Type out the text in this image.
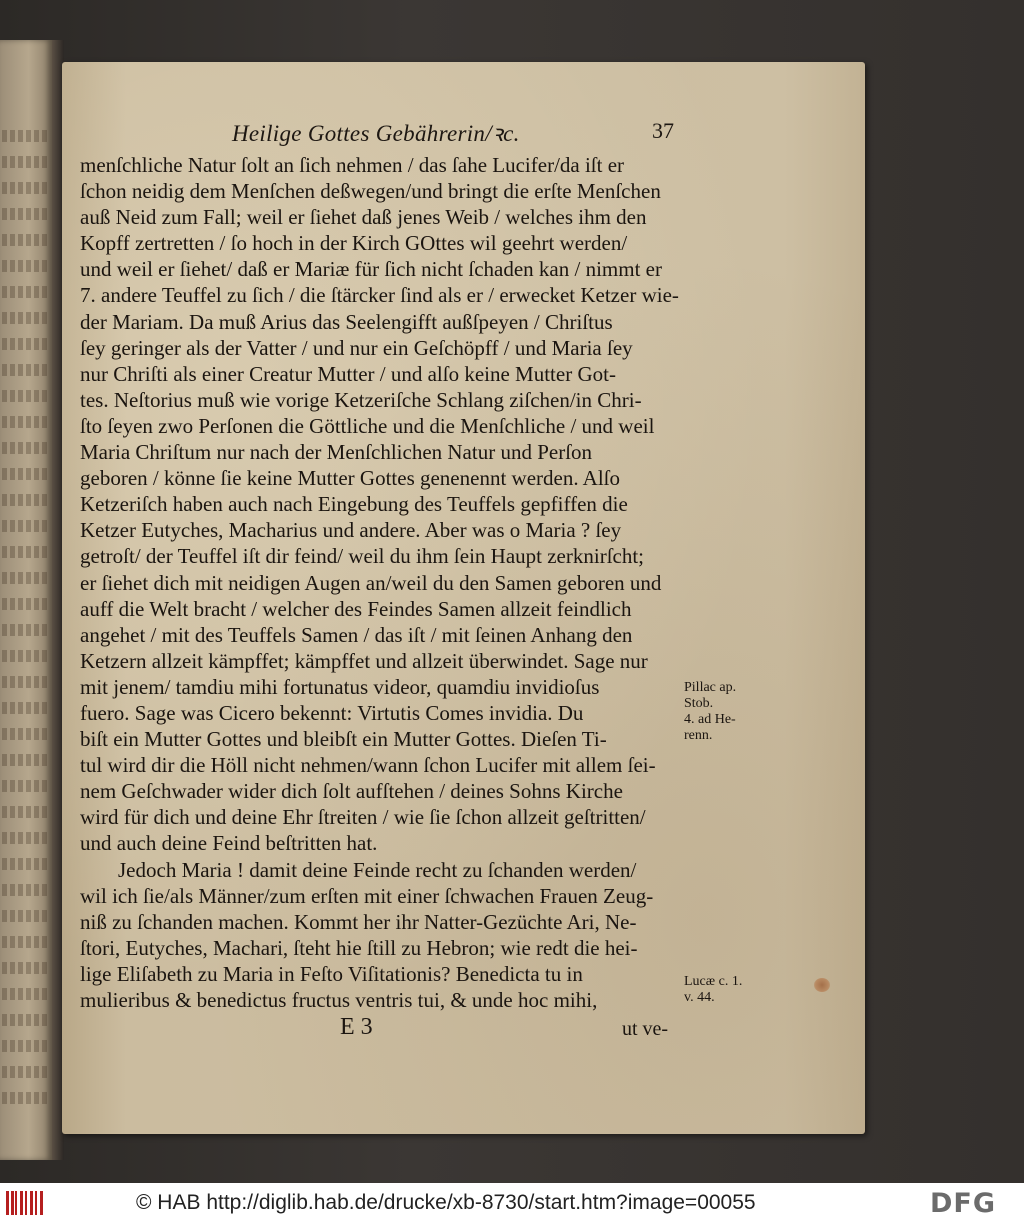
Heilige Gottes Gebährerin/ꝛc.	37
menſchliche Natur ſolt an ſich nehmen / das ſahe Lucifer/da iſt er
ſchon neidig dem Menſchen deßwegen/und bringt die erſte Menſchen
auß Neid zum Fall; weil er ſiehet daß jenes Weib / welches ihm den
Kopff zertretten / ſo hoch in der Kirch GOttes wil geehrt werden/
und weil er ſiehet/ daß er Mariæ für ſich nicht ſchaden kan / nimmt er
7. andere Teuffel zu ſich / die ſtärcker ſind als er / erwecket Ketzer wie-
der Mariam. Da muß Arius das Seelengifft außſpeyen / Chriſtus
ſey geringer als der Vatter / und nur ein Geſchöpff / und Maria ſey
nur Chriſti als einer Creatur Mutter / und alſo keine Mutter Got-
tes. Neſtorius muß wie vorige Ketzeriſche Schlang ziſchen/in Chri-
ſto ſeyen zwo Perſonen die Göttliche und die Menſchliche / und weil
Maria Chriſtum nur nach der Menſchlichen Natur und Perſon
geboren / könne ſie keine Mutter Gottes genenennt werden. Alſo
Ketzeriſch haben auch nach Eingebung des Teuffels gepfiffen die
Ketzer Eutyches, Macharius und andere. Aber was o Maria ? ſey
getroſt/ der Teuffel iſt dir feind/ weil du ihm ſein Haupt zerknirſcht;
er ſiehet dich mit neidigen Augen an/weil du den Samen geboren und
auff die Welt bracht / welcher des Feindes Samen allzeit feindlich
angehet / mit des Teuffels Samen / das iſt / mit ſeinen Anhang den
Ketzern allzeit kämpffet; kämpffet und allzeit überwindet. Sage nur
mit jenem/ tamdiu mihi fortunatus videor, quamdiu invidioſus
fuero. Sage was Cicero bekennt: Virtutis Comes invidia. Du
biſt ein Mutter Gottes und bleibſt ein Mutter Gottes. Dieſen Ti-
tul wird dir die Höll nicht nehmen/wann ſchon Lucifer mit allem ſei-
nem Geſchwader wider dich ſolt aufſtehen / deines Sohns Kirche
wird für dich und deine Ehr ſtreiten / wie ſie ſchon allzeit geſtritten/
und auch deine Feind beſtritten hat.
Jedoch Maria ! damit deine Feinde recht zu ſchanden werden/
wil ich ſie/als Männer/zum erſten mit einer ſchwachen Frauen Zeug-
niß zu ſchanden machen. Kommt her ihr Natter-Gezüchte Ari, Ne-
ſtori, Eutyches, Machari, ſteht hie ſtill zu Hebron; wie redt die hei-
lige Eliſabeth zu Maria in Feſto Viſitationis? Benedicta tu in
mulieribus & benedictus fructus ventris tui, & unde hoc mihi,
Pillac ap.
Stob.
4. ad He-
renn.
Lucæ c. 1.
v. 44.
E 3	ut ve-
© HAB http://diglib.hab.de/drucke/xb-8730/start.htm?image=00055	DFG
